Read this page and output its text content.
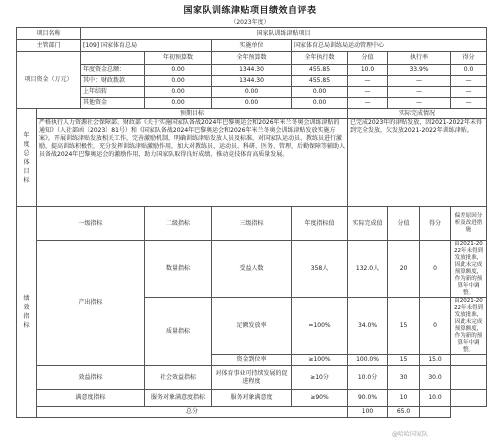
国家队训练津贴项目绩效自评表
（2023年度）
项目名称		国家队训练津贴项目							
主管部门		[109] 国家体育总局		实施单位	国家体育总局训练局运动管理中心				
项目资金（万元）			年初预算数	全年预算数	全年执行数	分值	执行率		得分
		年度资金总额：	0.00	1344.30	455.85	10.0	33.9%		0.0
		其中：财政拨款	0.00	1344.30	455.85	—	—		—
		上年结转	0.00	0.00	0.00	—	—		—
		其他资金	0.00	0.00	0.00	—	—		—

年度总体目标	预期目标					实际完成情况			
	严格执行人力资源社会保障部、财政部《关于实施国家队备战2024年巴黎奥运会和2026年米兰冬奥会训练津贴的通知》（人社部函〔2023〕81号）和《国家队备战2024年巴黎奥运会和2026年米兰冬奥会训练津贴发放实施方案》，开展训练津贴发放相关工作，完善激励机制，明确训练津贴发放人员及标准，对国家队运动员、教练员进行激励，提高训练积极性，充分发挥训练津贴激励作用，加大对教练员、运动员、科研、医务、管理、后勤保障等辅助人员备战2024年巴黎奥运会的激励作用，助力国家队取得良好成绩，推动竞技体育高质量发展。					已完成2023年的津贴发放，因2021-2022年未得到完全发放，欠发放2021-2022年训练津贴。			

绩效指标	一级指标		二级指标	三级指标	年度指标值	实际完成值	分值	得分	偏差原因分析及改进措施
	产出指标		数量指标	受益人数	358人	132.0人	20	0	由2021-2022年未得到发放批准，因此未完成预算额度，作为新的预算年中调整。
			质量指标	足额发放率	=100%	34.0%	15	0	由2021-2022年未得到发放批准，因此未完成预算额度，作为新的预算年中调整。
				资金到位率	≥100%	100.0%	15	15.0	
	效益指标		社会效益指标	对体育事业可持续发展的促进程度	≥10分	10.0分	30	30.0	
	满意度指标		服务对象满意度指标	服务对象满意度	≥90%	90.0%	10	10.0	
	总分					100	65.0		
@哈哈国家队
